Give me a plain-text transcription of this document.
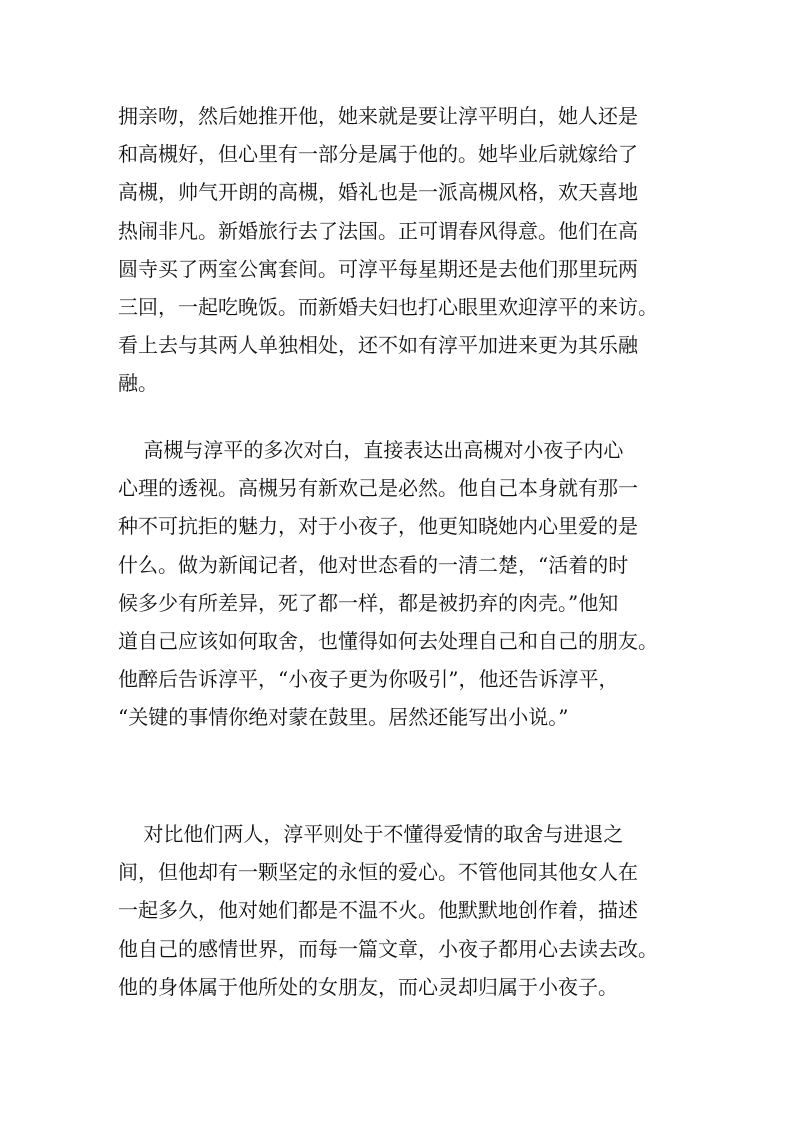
拥亲吻，然后她推开他，她来就是要让淳平明白，她人还是
和高槻好，但心里有一部分是属于他的。她毕业后就嫁给了
高槻，帅气开朗的高槻，婚礼也是一派高槻风格，欢天喜地
热闹非凡。新婚旅行去了法国。正可谓春风得意。他们在高
圆寺买了两室公寓套间。可淳平每星期还是去他们那里玩两
三回，一起吃晚饭。而新婚夫妇也打心眼里欢迎淳平的来访。
看上去与其两人单独相处，还不如有淳平加进来更为其乐融
融。
高槻与淳平的多次对白，直接表达出高槻对小夜子内心
心理的透视。高槻另有新欢己是必然。他自己本身就有那一
种不可抗拒的魅力，对于小夜子，他更知晓她内心里爱的是
什么。做为新闻记者，他对世态看的一清二楚，“活着的时
候多少有所差异，死了都一样，都是被扔弃的肉壳。”他知
道自己应该如何取舍，也懂得如何去处理自己和自己的朋友。
他醉后告诉淳平，“小夜子更为你吸引”，他还告诉淳平，
“关键的事情你绝对蒙在鼓里。居然还能写出小说。”
对比他们两人，淳平则处于不懂得爱情的取舍与进退之
间，但他却有一颗坚定的永恒的爱心。不管他同其他女人在
一起多久，他对她们都是不温不火。他默默地创作着，描述
他自己的感情世界，而每一篇文章，小夜子都用心去读去改。
他的身体属于他所处的女朋友，而心灵却归属于小夜子。
